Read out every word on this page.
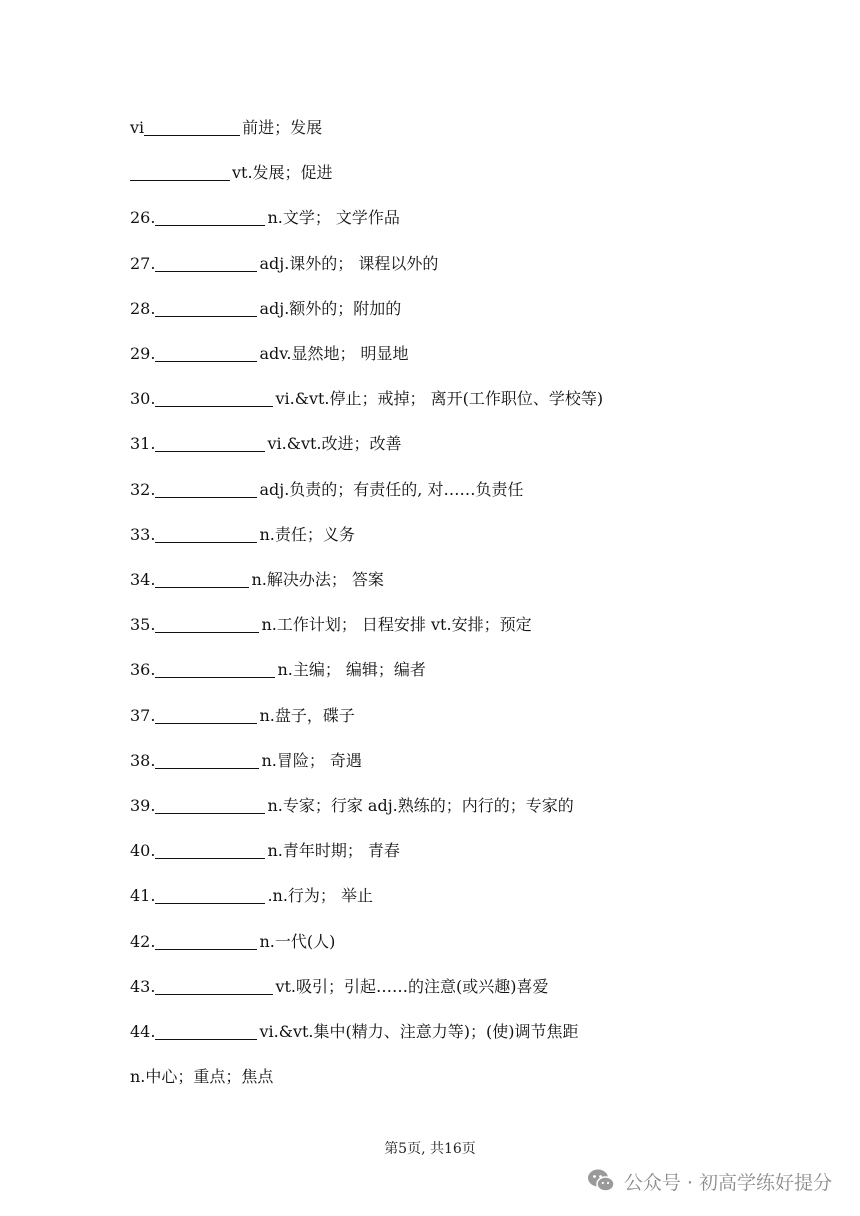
vi	前进；发展
vt.发展；促进
26.	n.文学； 文学作品
27.	adj.课外的； 课程以外的
28.	adj.额外的；附加的
29.	adv.显然地； 明显地
30.	vi.&vt.停止；戒掉； 离开(工作职位、学校等)
31.	vi.&vt.改进；改善
32.	adj.负责的；有责任的, 对……负责任
33.	n.责任；义务
34.	n.解决办法； 答案
35.	n.工作计划； 日程安排 vt.安排；预定
36.	n.主编； 编辑；编者
37.	n.盘子，碟子
38.	n.冒险； 奇遇
39.	n.专家；行家 adj.熟练的；内行的；专家的
40.	n.青年时期； 青春
41.	.n.行为； 举止
42.	n.一代(人)
43.	vt.吸引；引起……的注意(或兴趣)喜爱
44.	vi.&vt.集中(精力、注意力等)；(使)调节焦距
n.中心；重点；焦点
第5页, 共16页
公众号 · 初高学练好提分
